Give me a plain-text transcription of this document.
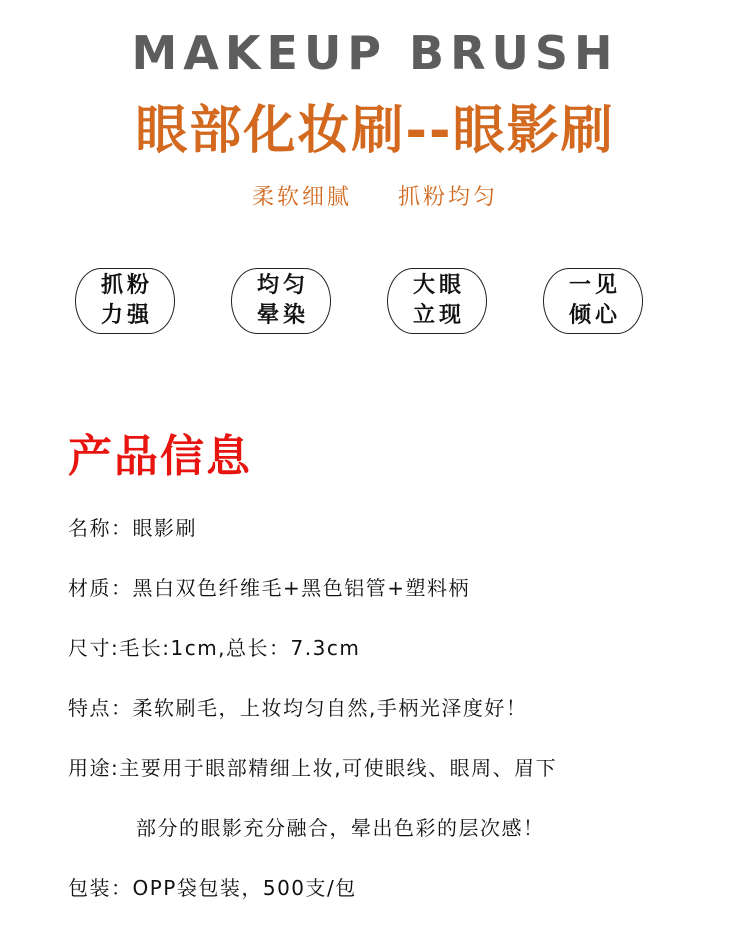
MAKEUP BRUSH
眼部化妆刷--眼影刷
柔软细腻 抓粉均匀
抓粉
力强
均匀
晕染
大眼
立现
一见
倾心
产品信息
名称：眼影刷
材质：黑白双色纤维毛+黑色铝管+塑料柄
尺寸:毛长:1cm,总长：7.3cm
特点：柔软刷毛，上妆均匀自然,手柄光泽度好！
用途:主要用于眼部精细上妆,可使眼线、眼周、眉下
部分的眼影充分融合，晕出色彩的层次感！
包装：OPP袋包装，500支/包
